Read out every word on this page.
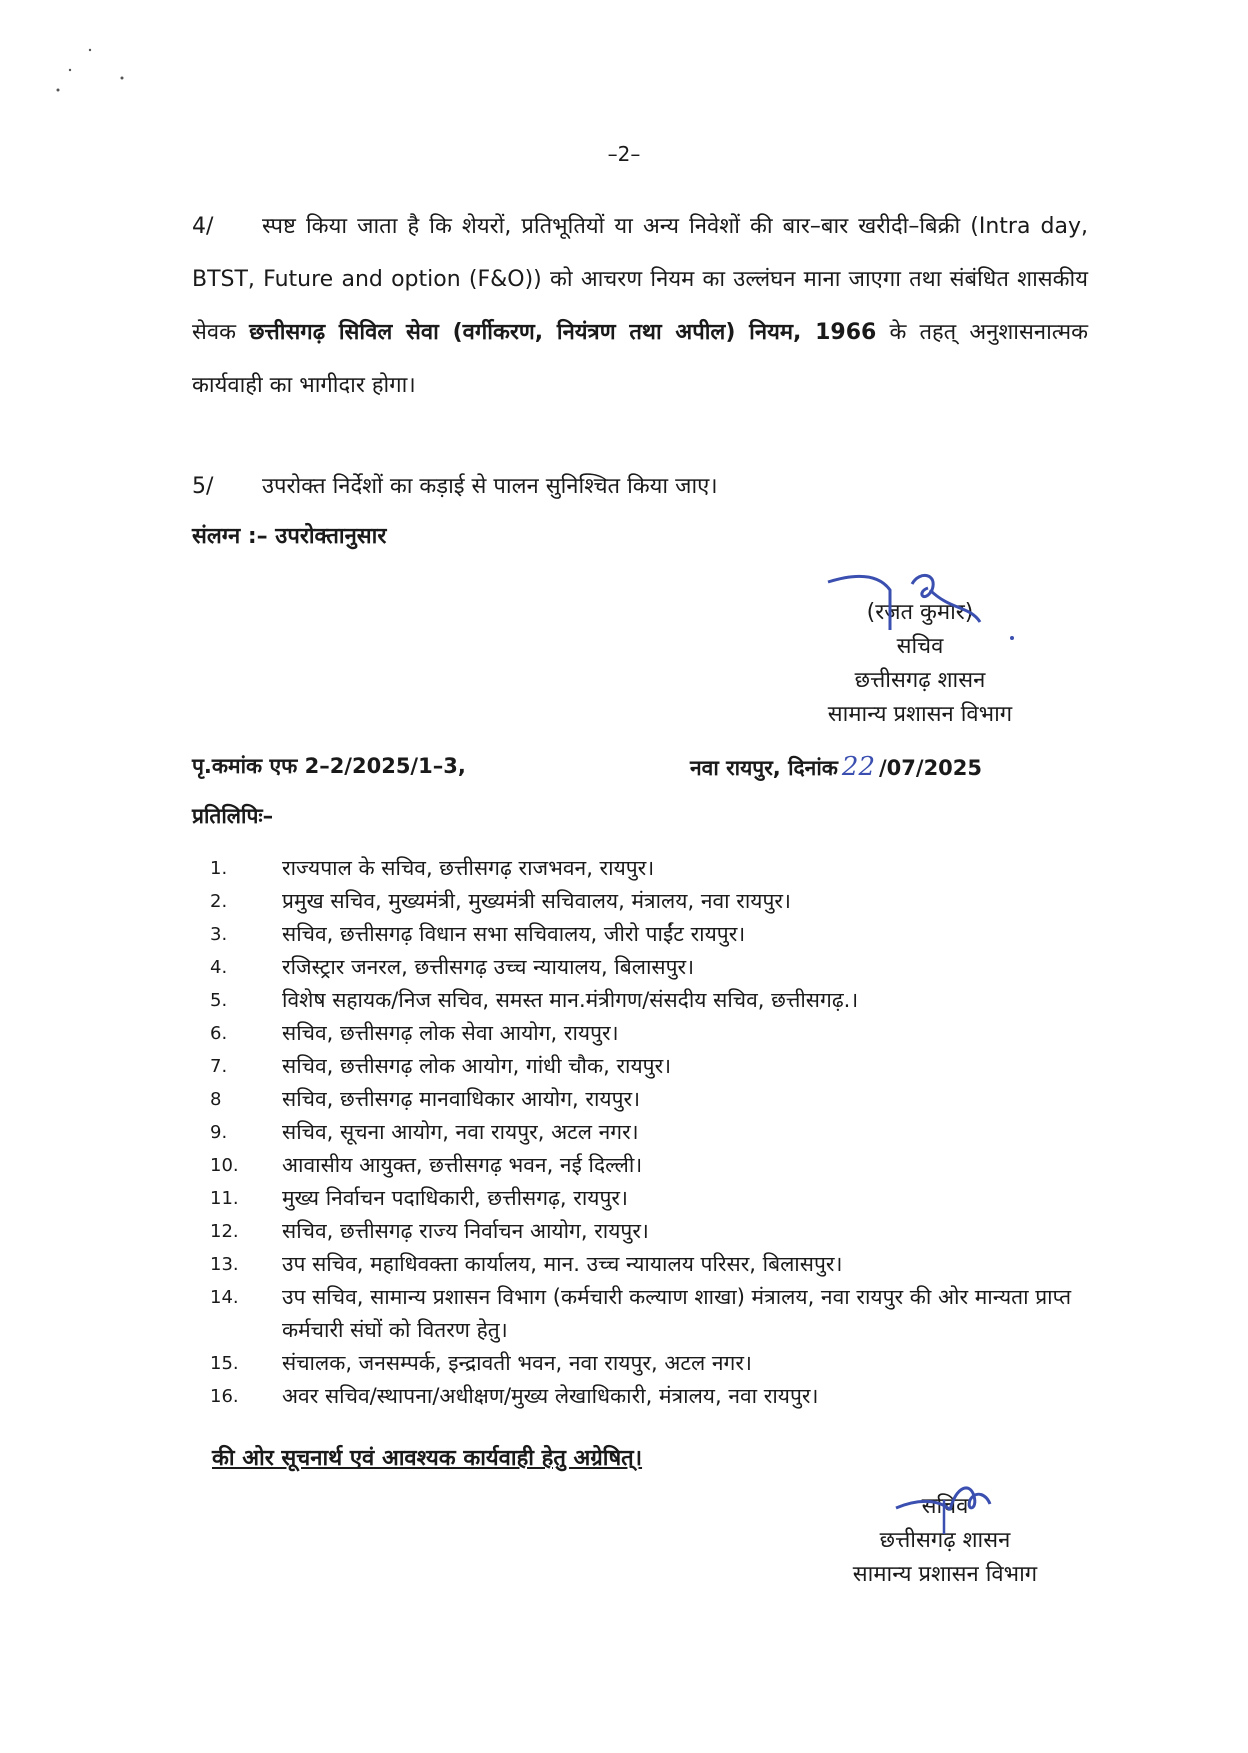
–2–
4/ स्पष्ट किया जाता है कि शेयरों, प्रतिभूतियों या अन्य निवेशों की बार–बार खरीदी–बिक्री (Intra day, BTST, Future and option (F&O)) को आचरण नियम का उल्लंघन माना जाएगा तथा संबंधित शासकीय सेवक छत्तीसगढ़ सिविल सेवा (वर्गीकरण, नियंत्रण तथा अपील) नियम, 1966 के तहत् अनुशासनात्मक कार्यवाही का भागीदार होगा।
5/ उपरोक्त निर्देशों का कड़ाई से पालन सुनिश्चित किया जाए।
संलग्न :– उपरोक्तानुसार
(रजत कुमार)
सचिव
छत्तीसगढ़ शासन
सामान्य प्रशासन विभाग
पृ.कमांक एफ 2–2/2025/1–3,	नवा रायपुर, दिनांक 22 /07/2025
प्रतिलिपिः–
1.	राज्यपाल के सचिव, छत्तीसगढ़ राजभवन, रायपुर।
2.	प्रमुख सचिव, मुख्यमंत्री, मुख्यमंत्री सचिवालय, मंत्रालय, नवा रायपुर।
3.	सचिव, छत्तीसगढ़ विधान सभा सचिवालय, जीरो पाईंट रायपुर।
4.	रजिस्ट्रार जनरल, छत्तीसगढ़ उच्च न्यायालय, बिलासपुर।
5.	विशेष सहायक/निज सचिव, समस्त मान.मंत्रीगण/संसदीय सचिव, छत्तीसगढ़.।
6.	सचिव, छत्तीसगढ़ लोक सेवा आयोग, रायपुर।
7.	सचिव, छत्तीसगढ़ लोक आयोग, गांधी चौक, रायपुर।
8	सचिव, छत्तीसगढ़ मानवाधिकार आयोग, रायपुर।
9.	सचिव, सूचना आयोग, नवा रायपुर, अटल नगर।
10.	आवासीय आयुक्त, छत्तीसगढ़ भवन, नई दिल्ली।
11.	मुख्य निर्वाचन पदाधिकारी, छत्तीसगढ़, रायपुर।
12.	सचिव, छत्तीसगढ़ राज्य निर्वाचन आयोग, रायपुर।
13.	उप सचिव, महाधिवक्ता कार्यालय, मान. उच्च न्यायालय परिसर, बिलासपुर।
14.	उप सचिव, सामान्य प्रशासन विभाग (कर्मचारी कल्याण शाखा) मंत्रालय, नवा रायपुर की ओर मान्यता प्राप्त कर्मचारी संघों को वितरण हेतु।
15.	संचालक, जनसम्पर्क, इन्द्रावती भवन, नवा रायपुर, अटल नगर।
16.	अवर सचिव/स्थापना/अधीक्षण/मुख्य लेखाधिकारी, मंत्रालय, नवा रायपुर।
की ओर सूचनार्थ एवं आवश्यक कार्यवाही हेतु अग्रेषित्।
सचिव
छत्तीसगढ़ शासन
सामान्य प्रशासन विभाग
